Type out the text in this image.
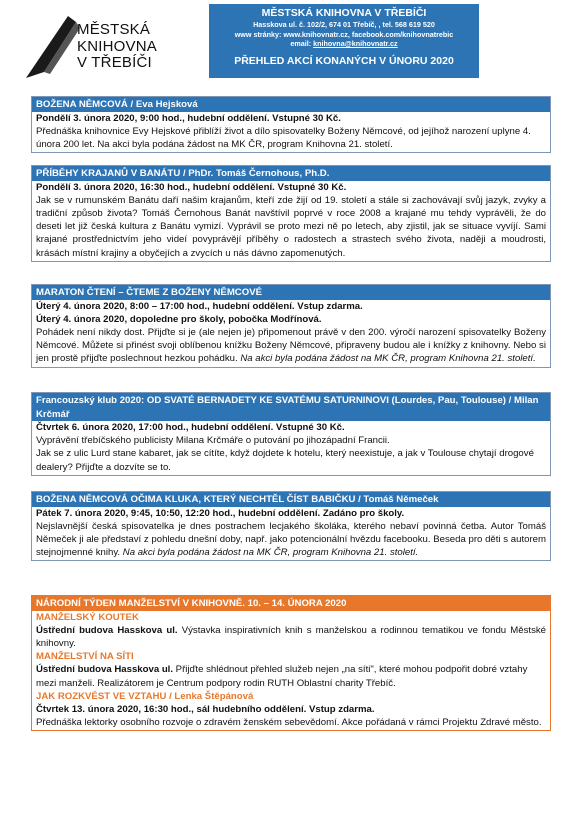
MĚSTSKÁ
KNIHOVNA
V TŘEBÍČI
MĚSTSKÁ KNIHOVNA V TŘEBÍČI
Hasskova ul. č. 102/2, 674 01 Třebíč, , tel. 568 619 520
www stránky: www.knihovnatr.cz, facebook.com/knihovnatrebic
email: knihovna@knihovnatr.cz
PŘEHLED AKCÍ KONANÝCH V ÚNORU 2020
BOŽENA NĚMCOVÁ / Eva Hejsková
Pondělí 3. února 2020, 9:00 hod., hudební oddělení. Vstupné 30 Kč.
Přednáška knihovnice Evy Hejskové přiblíží život a dílo spisovatelky Boženy Němcové, od jejíhož narození uplyne 4. února 200 let. Na akci byla podána žádost na MK ČR, program Knihovna 21. století.
PŘÍBĚHY KRAJANŮ V BANÁTU / PhDr. Tomáš Černohous, Ph.D.
Pondělí 3. února 2020, 16:30 hod., hudební oddělení. Vstupné 30 Kč.
Jak se v rumunském Banátu daří našim krajanům, kteří zde žijí od 19. století a stále si zachovávají svůj jazyk, zvyky a tradiční způsob života? Tomáš Černohous Banát navštívil poprvé v roce 2008 a krajané mu tehdy vyprávěli, že do deseti let již česká kultura z Banátu vymizí. Vyprávil se proto mezi ně po letech, aby zjistil, jak se situace vyvíjí. Sami krajané prostřednictvím jeho videí povyprávějí příběhy o radostech a strastech svého života, naději a moudrosti, krásách místní krajiny a obyčejích a zvycích u nás dávno zapomenutých.
MARATON ČTENÍ – ČTEME Z BOŽENY NĚMCOVÉ
Úterý 4. února 2020, 8:00 – 17:00 hod., hudební oddělení. Vstup zdarma.
Úterý 4. února 2020, dopoledne pro školy, pobočka Modřínová.
Pohádek není nikdy dost. Přijďte si je (ale nejen je) připomenout právě v den 200. výročí narození spisovatelky Boženy Němcové. Můžete si přinést svoji oblíbenou knížku Boženy Němcové, připraveny budou ale i knížky z knihovny. Nebo si jen prostě přijďte poslechnout hezkou pohádku. Na akci byla podána žádost na MK ČR, program Knihovna 21. století.
Francouzský klub 2020: OD SVATÉ BERNADETY KE SVATÉMU SATURNINOVI (Lourdes, Pau, Toulouse) / Milan Krčmář
Čtvrtek 6. února 2020, 17:00 hod., hudební oddělení. Vstupné 30 Kč.
Vyprávění třebíčského publicisty Milana Krčmáře o putování po jihozápadní Francii.
Jak se z ulic Lurd stane kabaret, jak se cítíte, když dojdete k hotelu, který neexistuje, a jak v Toulouse chytají drogové dealery? Přijďte a dozvíte se to.
BOŽENA NĚMCOVÁ OČIMA KLUKA, KTERÝ NECHTĚL ČÍST BABIČKU / Tomáš Němeček
Pátek 7. února 2020, 9:45, 10:50, 12:20 hod., hudební oddělení. Zadáno pro školy.
Nejslavnější česká spisovatelka je dnes postrachem lecjakého školáka, kterého nebaví povinná četba. Autor Tomáš Němeček ji ale představí z pohledu dnešní doby, např. jako potencionální hvězdu facebooku. Beseda pro děti s autorem stejnojmenné knihy. Na akci byla podána žádost na MK ČR, program Knihovna 21. století.
NÁRODNÍ TÝDEN MANŽELSTVÍ V KNIHOVNĚ. 10. – 14. ÚNORA 2020
MANŽELSKÝ KOUTEK
Ústřední budova Hasskova ul. Výstavka inspirativních knih s manželskou a rodinnou tematikou ve fondu Městské knihovny.
MANŽELSTVÍ NA SÍTI
Ústřední budova Hasskova ul. Přijďte shlédnout přehled služeb nejen „na síti", které mohou podpořit dobré vztahy mezi manželi. Realizátorem je Centrum podpory rodin RUTH Oblastní charity Třebíč.
JAK ROZKVÉST VE VZTAHU / Lenka Štěpánová
Čtvrtek 13. února 2020, 16:30 hod., sál hudebního oddělení. Vstup zdarma.
Přednáška lektorky osobního rozvoje o zdravém ženském sebevědomí. Akce pořádaná v rámci Projektu Zdravé město.
